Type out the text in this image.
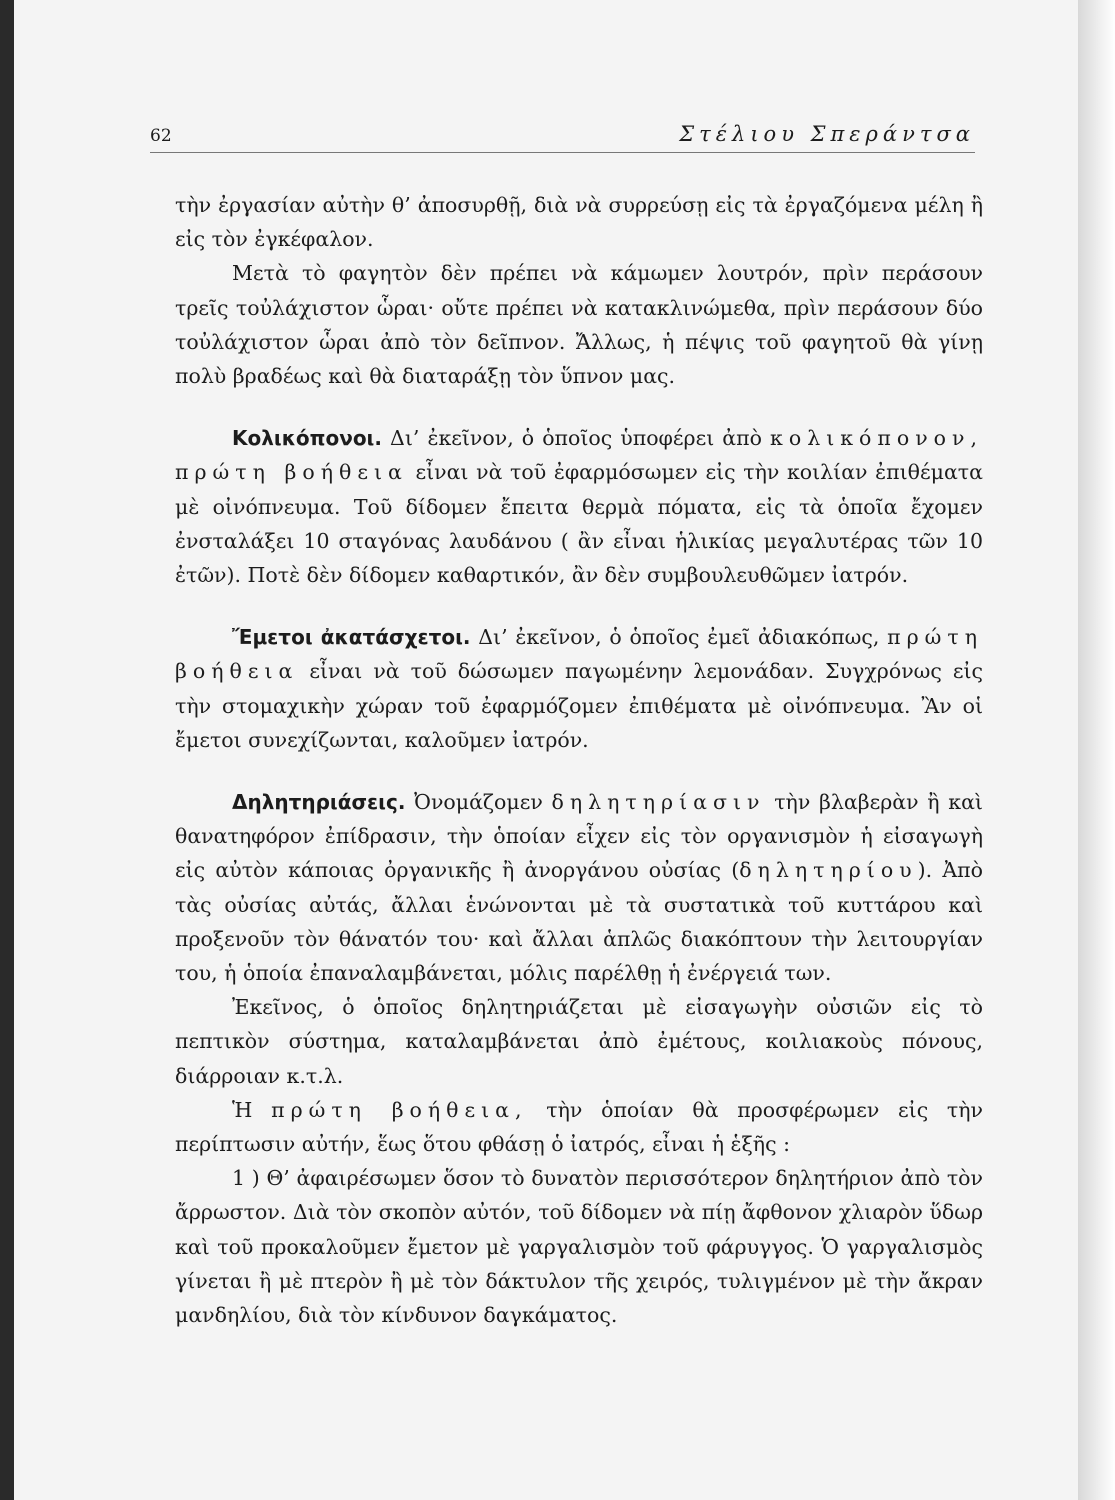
62	Στέλιου Σπεράντσα

τὴν ἐργασίαν αὐτὴν θ’ ἀποσυρθῇ, διὰ νὰ συρρεύσῃ εἰς τὰ ἐργαζόμενα μέλη ἢ εἰς τὸν ἐγκέφαλον.

Μετὰ τὸ φαγητὸν δὲν πρέπει νὰ κάμωμεν λουτρόν, πρὶν περάσουν τρεῖς τοὐλάχιστον ὧραι· οὔτε πρέπει νὰ κατακλινώμεθα, πρὶν περάσουν δύο τοὐλάχιστον ὧραι ἀπὸ τὸν δεῖπνον. Ἄλλως, ἡ πέψις τοῦ φαγητοῦ θὰ γίνῃ πολὺ βραδέως καὶ θὰ διαταράξῃ τὸν ὕπνον μας.

Κολικόπονοι. Δι’ ἐκεῖνον, ὁ ὁποῖος ὑποφέρει ἀπὸ κολικόπονον, πρώτη βοήθεια εἶναι νὰ τοῦ ἐφαρμόσωμεν εἰς τὴν κοιλίαν ἐπιθέματα μὲ οἰνόπνευμα. Τοῦ δίδομεν ἔπειτα θερμὰ πόματα, εἰς τὰ ὁποῖα ἔχομεν ἐνσταλάξει 10 σταγόνας λαυδάνου ( ἂν εἶναι ἡλικίας μεγαλυτέρας τῶν 10 ἐτῶν). Ποτὲ δὲν δίδομεν καθαρτικόν, ἂν δὲν συμβουλευθῶμεν ἰατρόν.

Ἔμετοι ἀκατάσχετοι. Δι’ ἐκεῖνον, ὁ ὁποῖος ἐμεῖ ἀδιακόπως, πρώτη βοήθεια εἶναι νὰ τοῦ δώσωμεν παγωμένην λεμονάδαν. Συγχρόνως εἰς τὴν στομαχικὴν χώραν τοῦ ἐφαρμόζομεν ἐπιθέματα μὲ οἰνόπνευμα. Ἂν οἱ ἔμετοι συνεχίζωνται, καλοῦμεν ἰατρόν.

Δηλητηριάσεις. Ὀνομάζομεν δηλητηρίασιν τὴν βλαβερὰν ἢ καὶ θανατηφόρον ἐπίδρασιν, τὴν ὁποίαν εἶχεν εἰς τὸν οργανισμὸν ἡ εἰσαγωγὴ εἰς αὐτὸν κάποιας ὀργανικῆς ἢ ἀνοργάνου οὐσίας (δηλητηρίου). Ἀπὸ τὰς οὐσίας αὐτάς, ἄλλαι ἑνώνονται μὲ τὰ συστατικὰ τοῦ κυττάρου καὶ προξενοῦν τὸν θάνατόν του· καὶ ἄλλαι ἁπλῶς διακόπτουν τὴν λειτουργίαν του, ἡ ὁποία ἐπαναλαμβάνεται, μόλις παρέλθῃ ἡ ἐνέργειά των.

Ἐκεῖνος, ὁ ὁποῖος δηλητηριάζεται μὲ εἰσαγωγὴν οὐσιῶν εἰς τὸ πεπτικὸν σύστημα, καταλαμβάνεται ἀπὸ ἐμέτους, κοιλιακοὺς πόνους, διάρροιαν κ.τ.λ.

Ἡ πρώτη βοήθεια, τὴν ὁποίαν θὰ προσφέρωμεν εἰς τὴν περίπτωσιν αὐτήν, ἕως ὅτου φθάσῃ ὁ ἰατρός, εἶναι ἡ ἑξῆς :

1 ) Θ’ ἀφαιρέσωμεν ὅσον τὸ δυνατὸν περισσότερον δηλητήριον ἀπὸ τὸν ἄρρωστον. Διὰ τὸν σκοπὸν αὐτόν, τοῦ δίδομεν νὰ πίῃ ἄφθονον χλιαρὸν ὕδωρ καὶ τοῦ προκαλοῦμεν ἔμετον μὲ γαργαλισμὸν τοῦ φάρυγγος. Ὁ γαργαλισμὸς γίνεται ἢ μὲ πτερὸν ἢ μὲ τὸν δάκτυλον τῆς χειρός, τυλιγμένον μὲ τὴν ἄκραν μανδηλίου, διὰ τὸν κίνδυνον δαγκάματος.
